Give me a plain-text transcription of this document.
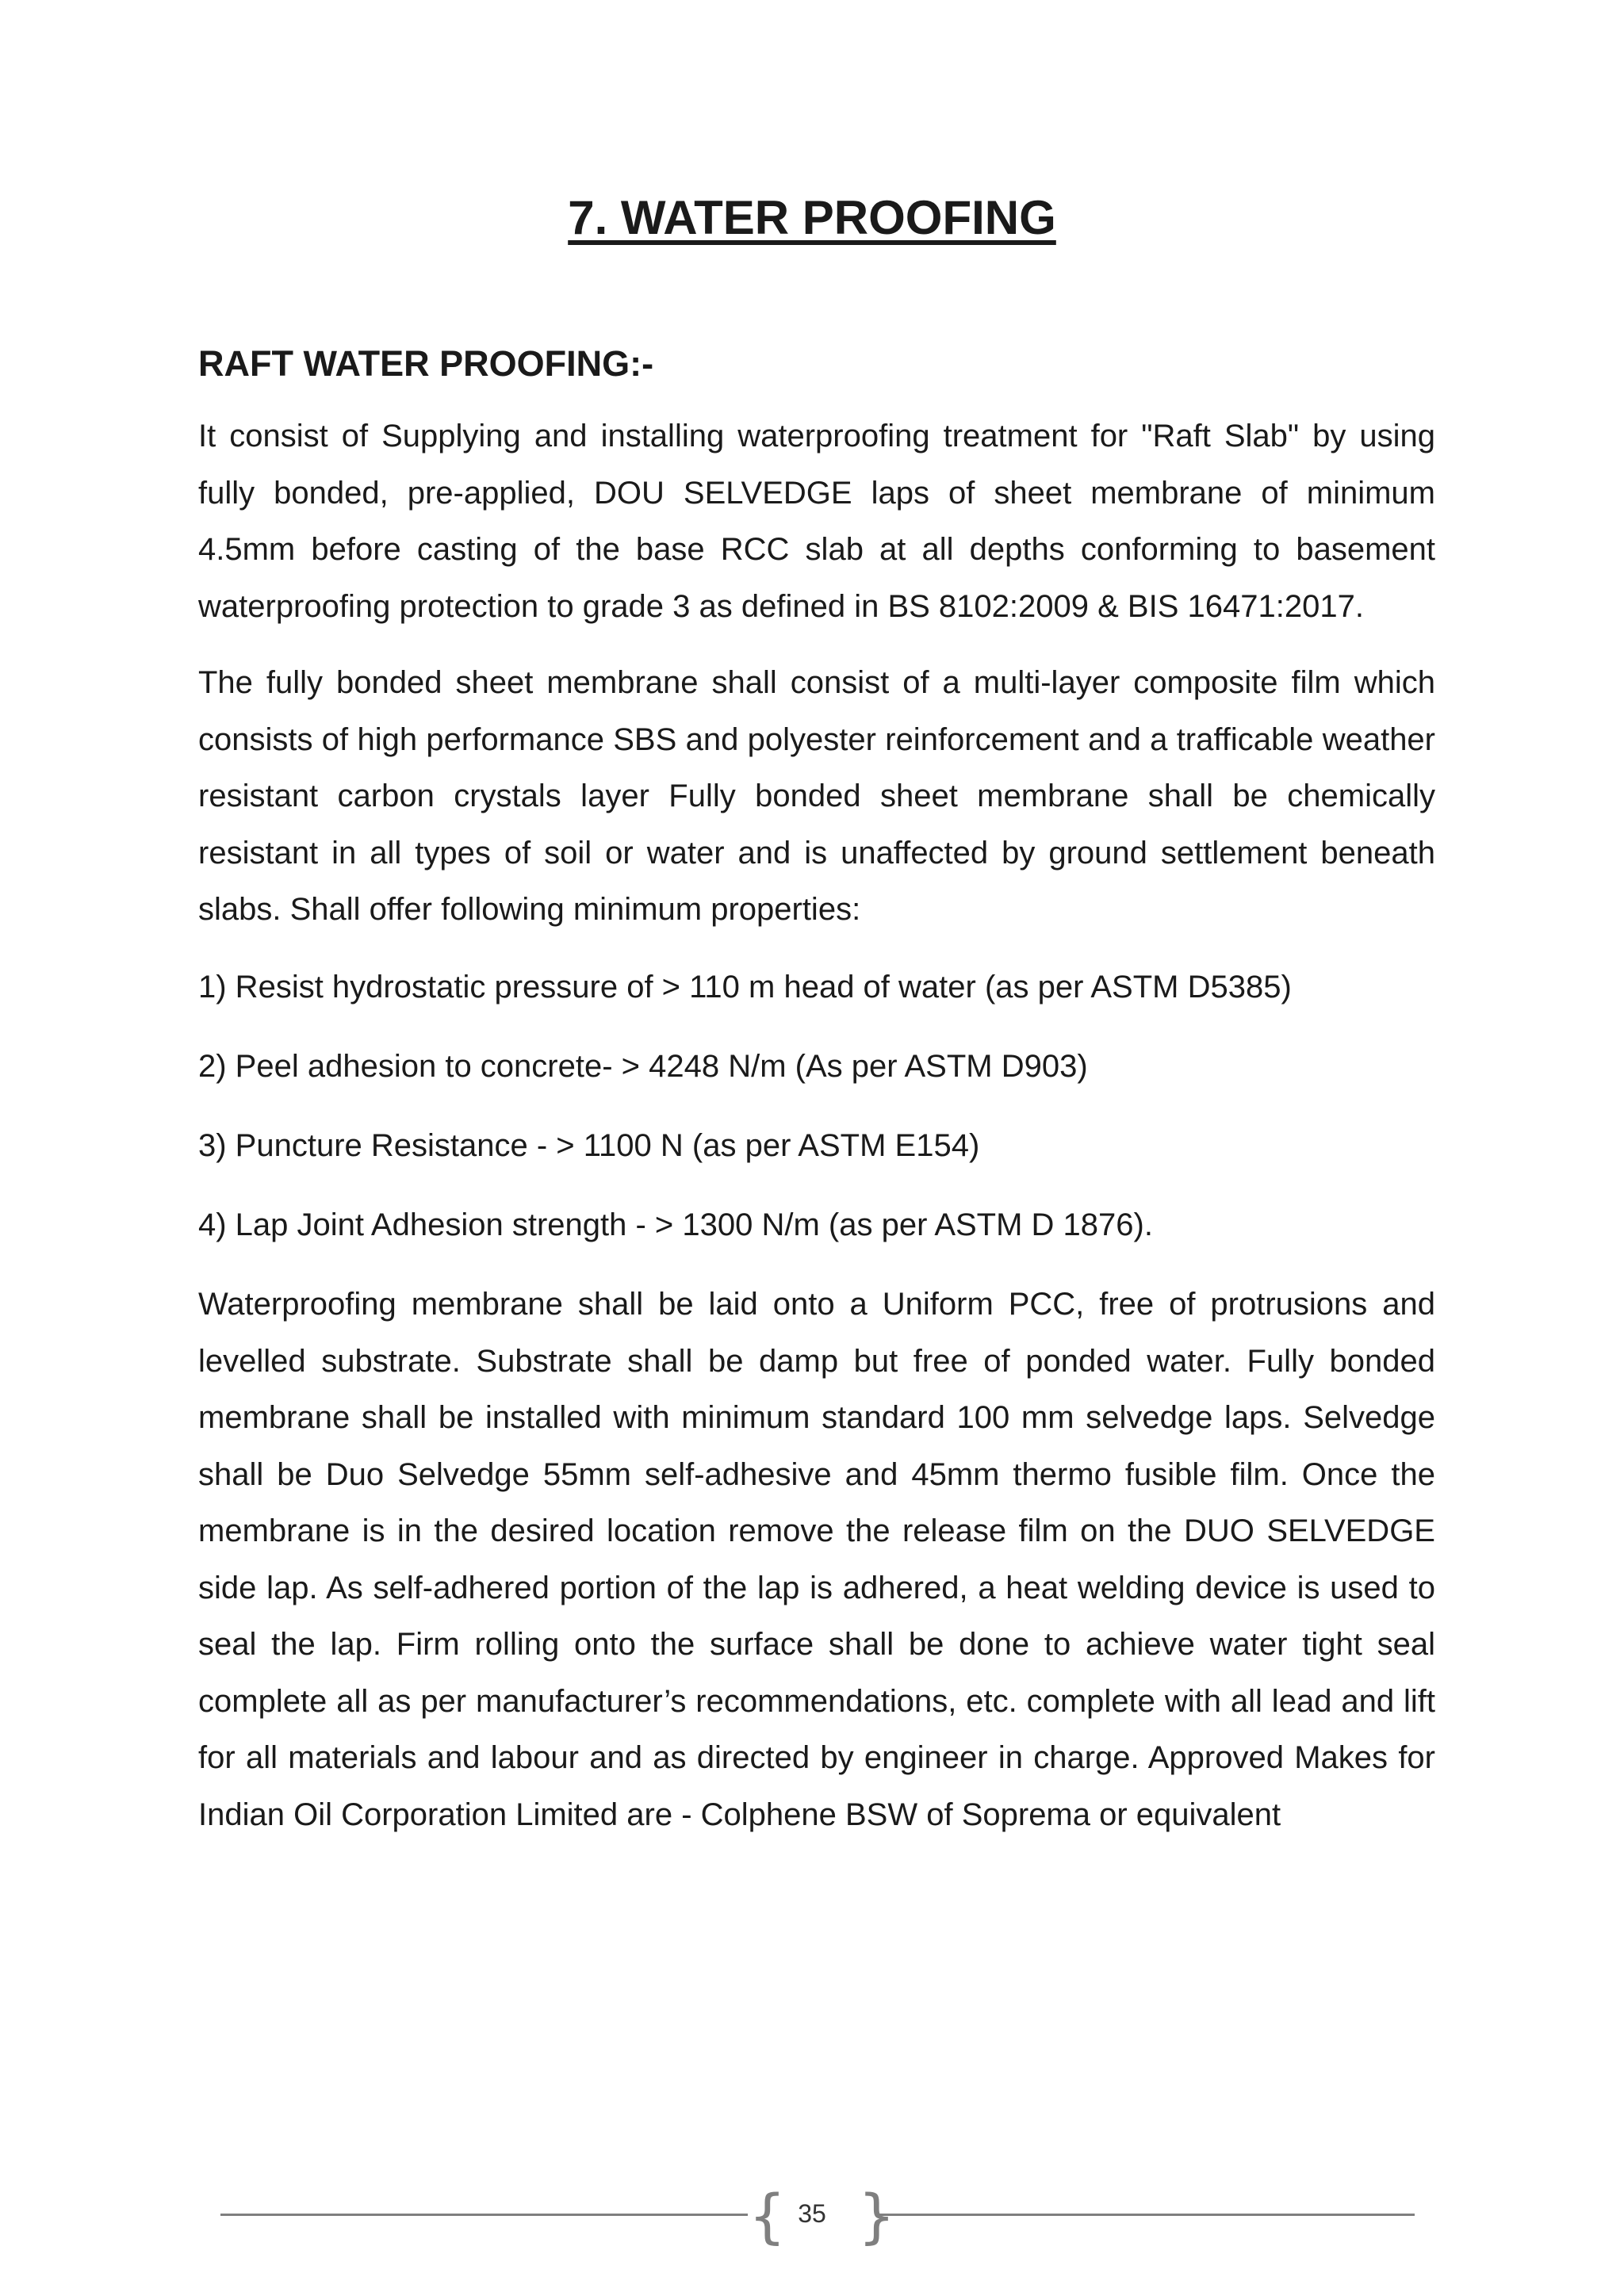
7. WATER PROOFING
RAFT WATER PROOFING:-

It consist of Supplying and installing waterproofing treatment for "Raft Slab" by using fully bonded, pre-applied, DOU SELVEDGE laps of sheet membrane of minimum 4.5mm before casting of the base RCC slab at all depths conforming to basement waterproofing protection to grade 3 as defined in BS 8102:2009 & BIS 16471:2017.

The fully bonded sheet membrane shall consist of a multi-layer composite film which consists of high performance SBS and polyester reinforcement and a trafficable weather resistant carbon crystals layer Fully bonded sheet membrane shall be chemically resistant in all types of soil or water and is unaffected by ground settlement beneath slabs. Shall offer following minimum properties:

1) Resist hydrostatic pressure of > 110 m head of water (as per ASTM D5385)

2) Peel adhesion to concrete- > 4248 N/m (As per ASTM D903)

3) Puncture Resistance - > 1100 N (as per ASTM E154)

4) Lap Joint Adhesion strength - > 1300 N/m (as per ASTM D 1876).

Waterproofing membrane shall be laid onto a Uniform PCC, free of protrusions and levelled substrate. Substrate shall be damp but free of ponded water. Fully bonded membrane shall be installed with minimum standard 100 mm selvedge laps. Selvedge shall be Duo Selvedge 55mm self-adhesive and 45mm thermo fusible film. Once the membrane is in the desired location remove the release film on the DUO SELVEDGE side lap. As self-adhered portion of the lap is adhered, a heat welding device is used to seal the lap. Firm rolling onto the surface shall be done to achieve water tight seal complete all as per manufacturer’s recommendations, etc. complete with all lead and lift for all materials and labour and as directed by engineer in charge. Approved Makes for Indian Oil Corporation Limited are - Colphene BSW of Soprema or equivalent

{ }
35
